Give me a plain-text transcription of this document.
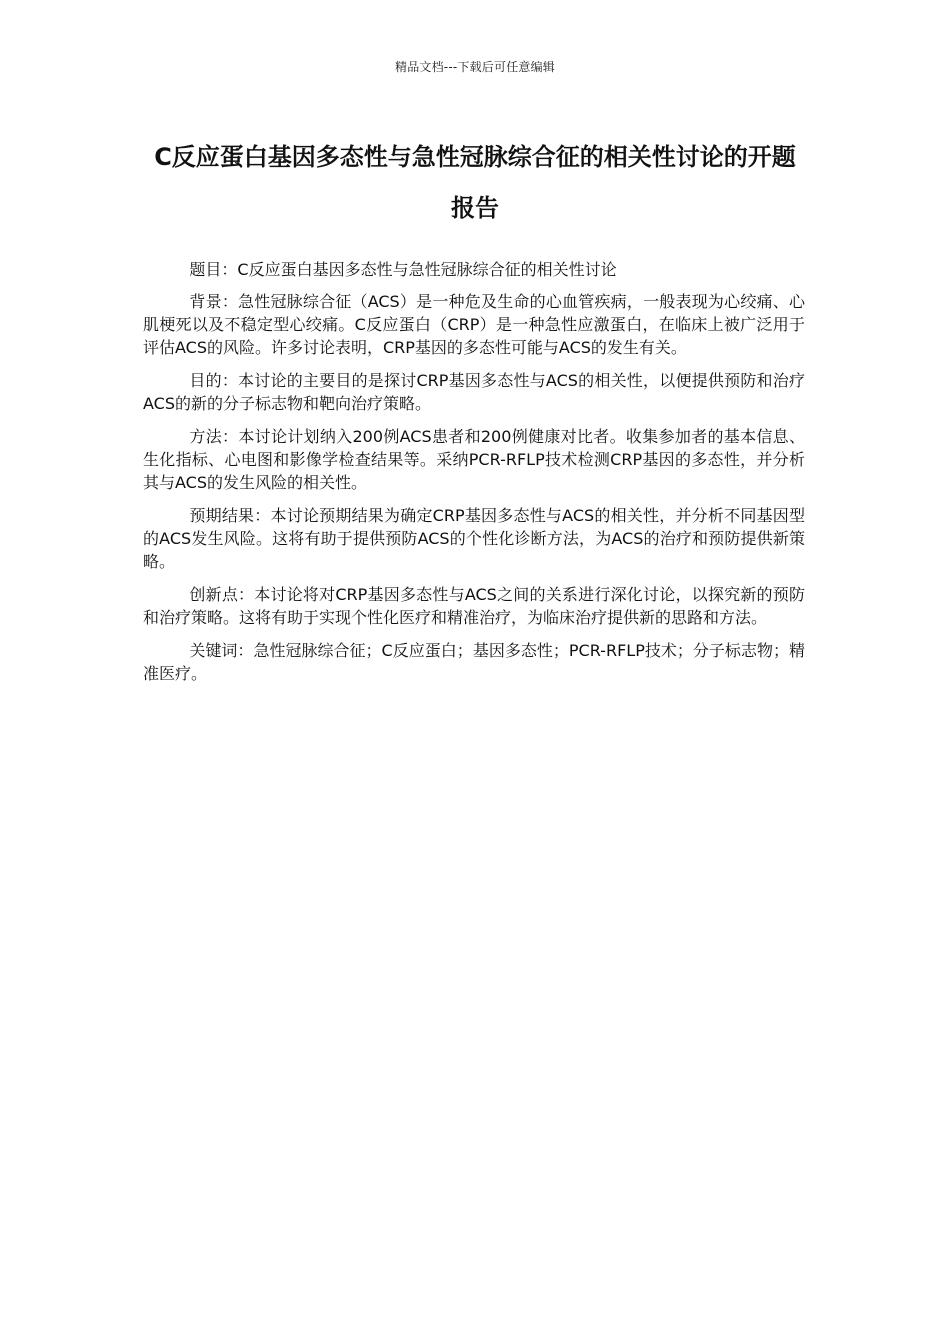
精品文档---下载后可任意编辑
C反应蛋白基因多态性与急性冠脉综合征的相关性讨论的开题报告

题目：C反应蛋白基因多态性与急性冠脉综合征的相关性讨论

背景：急性冠脉综合征（ACS）是一种危及生命的心血管疾病，一般表现为心绞痛、心肌梗死以及不稳定型心绞痛。C反应蛋白（CRP）是一种急性应激蛋白，在临床上被广泛用于评估ACS的风险。许多讨论表明，CRP基因的多态性可能与ACS的发生有关。

目的：本讨论的主要目的是探讨CRP基因多态性与ACS的相关性，以便提供预防和治疗ACS的新的分子标志物和靶向治疗策略。

方法：本讨论计划纳入200例ACS患者和200例健康对比者。收集参加者的基本信息、生化指标、心电图和影像学检查结果等。采纳PCR-RFLP技术检测CRP基因的多态性，并分析其与ACS的发生风险的相关性。

预期结果：本讨论预期结果为确定CRP基因多态性与ACS的相关性，并分析不同基因型的ACS发生风险。这将有助于提供预防ACS的个性化诊断方法，为ACS的治疗和预防提供新策略。

创新点：本讨论将对CRP基因多态性与ACS之间的关系进行深化讨论，以探究新的预防和治疗策略。这将有助于实现个性化医疗和精准治疗，为临床治疗提供新的思路和方法。

关键词：急性冠脉综合征；C反应蛋白；基因多态性；PCR-RFLP技术；分子标志物；精准医疗。
